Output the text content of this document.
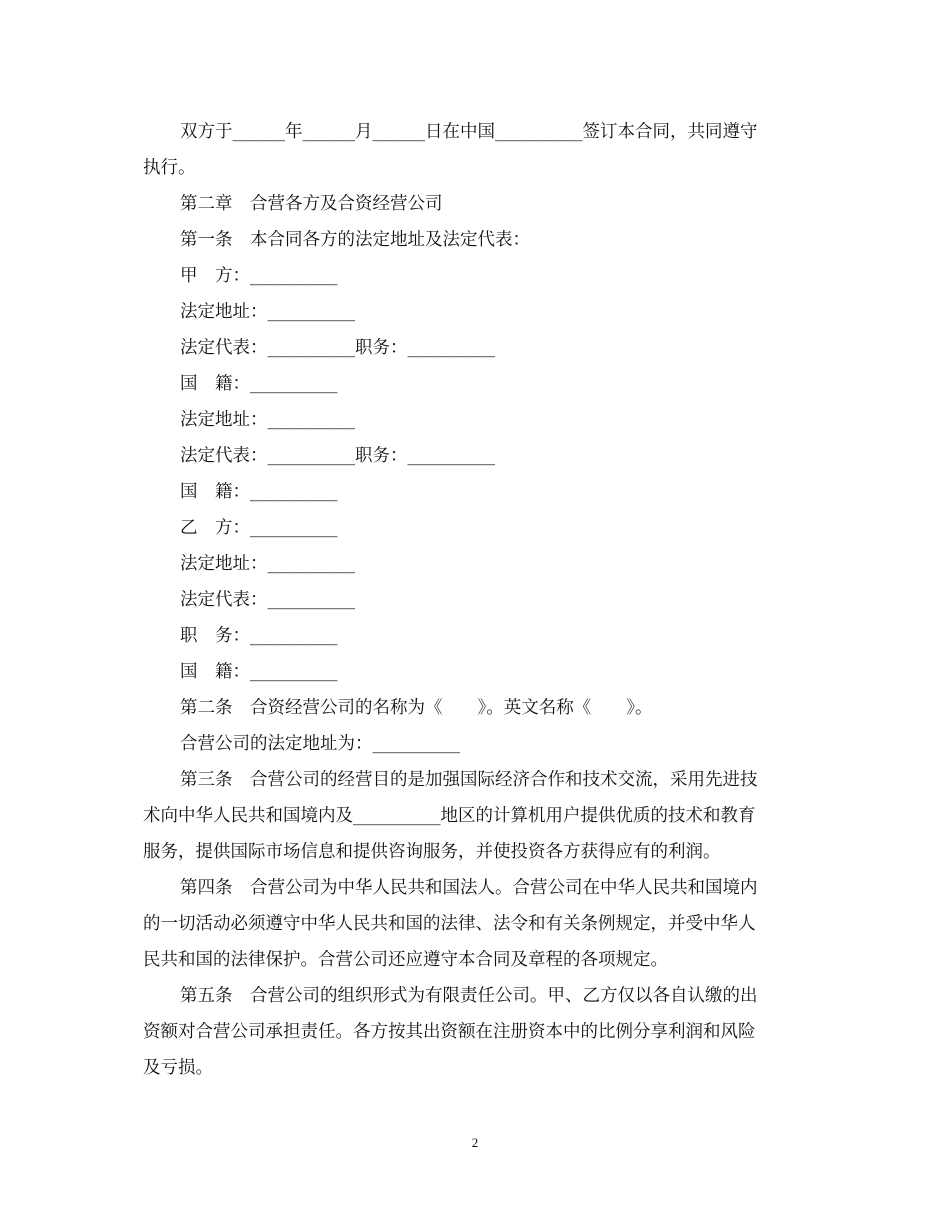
双方于______年______月______日在中国__________签订本合同，共同遵守
执行。
第二章　合营各方及合资经营公司
第一条　本合同各方的法定地址及法定代表：
甲　方：__________
法定地址：__________
法定代表：__________职务：__________
国　籍：__________
法定地址：__________
法定代表：__________职务：__________
国　籍：__________
乙　方：__________
法定地址：__________
法定代表：__________
职　务：__________
国　籍：__________
第二条　合资经营公司的名称为《　　》。英文名称《　　》。
合营公司的法定地址为：__________
第三条　合营公司的经营目的是加强国际经济合作和技术交流，采用先进技
术向中华人民共和国境内及__________地区的计算机用户提供优质的技术和教育
服务，提供国际市场信息和提供咨询服务，并使投资各方获得应有的利润。
第四条　合营公司为中华人民共和国法人。合营公司在中华人民共和国境内
的一切活动必须遵守中华人民共和国的法律、法令和有关条例规定，并受中华人
民共和国的法律保护。合营公司还应遵守本合同及章程的各项规定。
第五条　合营公司的组织形式为有限责任公司。甲、乙方仅以各自认缴的出
资额对合营公司承担责任。各方按其出资额在注册资本中的比例分享利润和风险
及亏损。
2
